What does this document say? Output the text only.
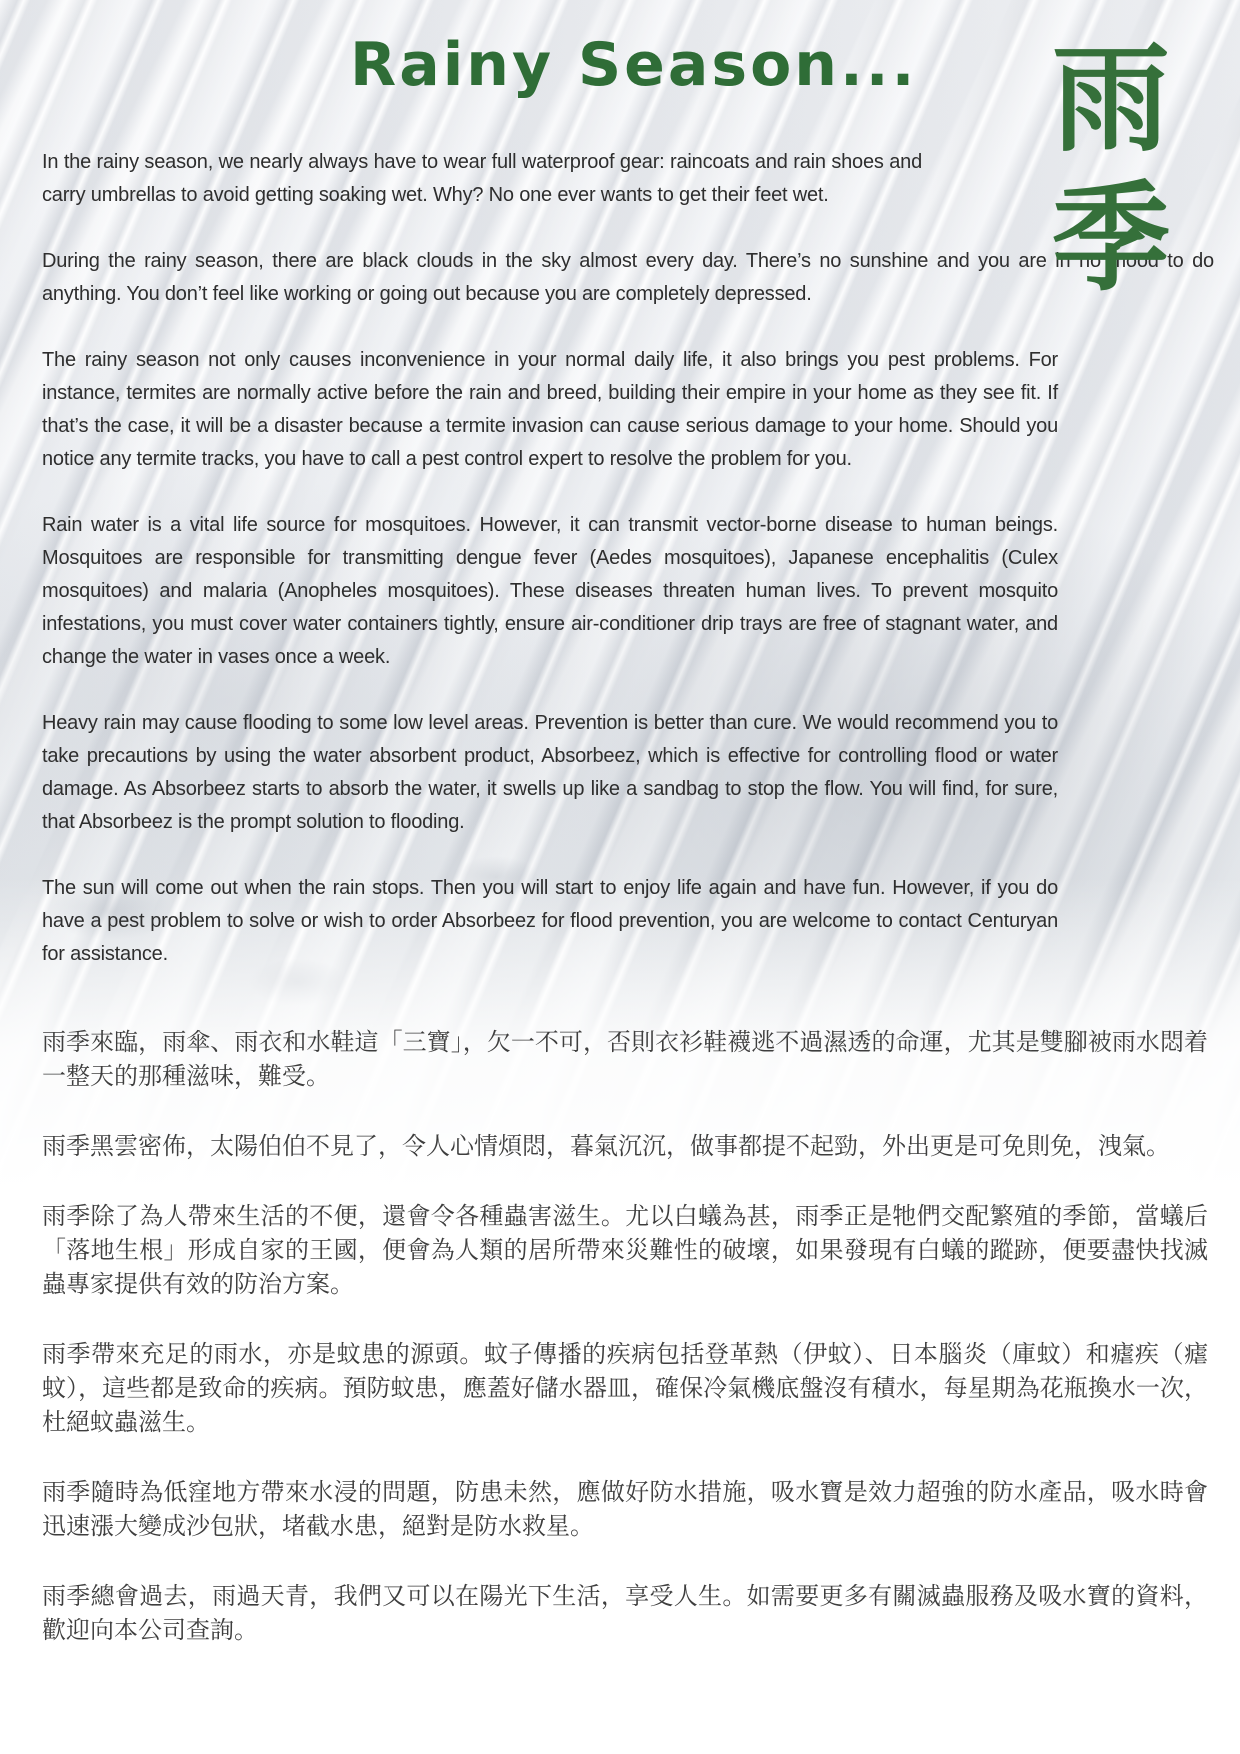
Rainy Season...	雨
季

In the rainy season, we nearly always have to wear full waterproof gear: raincoats and rain shoes and carry umbrellas to avoid getting soaking wet. Why? No one ever wants to get their feet wet.

During the rainy season, there are black clouds in the sky almost every day. There’s no sunshine and you are in no mood to do anything. You don’t feel like working or going out because you are completely depressed.

The rainy season not only causes inconvenience in your normal daily life, it also brings you pest problems. For instance, termites are normally active before the rain and breed, building their empire in your home as they see fit. If that’s the case, it will be a disaster because a termite invasion can cause serious damage to your home. Should you notice any termite tracks, you have to call a pest control expert to resolve the problem for you.

Rain water is a vital life source for mosquitoes. However, it can transmit vector-borne disease to human beings. Mosquitoes are responsible for transmitting dengue fever (Aedes mosquitoes), Japanese encephalitis (Culex mosquitoes) and malaria (Anopheles mosquitoes). These diseases threaten human lives. To prevent mosquito infestations, you must cover water containers tightly, ensure air-conditioner drip trays are free of stagnant water, and change the water in vases once a week.

Heavy rain may cause flooding to some low level areas. Prevention is better than cure. We would recommend you to take precautions by using the water absorbent product, Absorbeez, which is effective for controlling flood or water damage. As Absorbeez starts to absorb the water, it swells up like a sandbag to stop the flow. You will find, for sure, that Absorbeez is the prompt solution to flooding.

The sun will come out when the rain stops. Then you will start to enjoy life again and have fun. However, if you do have a pest problem to solve or wish to order Absorbeez for flood prevention, you are welcome to contact Centuryan for assistance.

雨季來臨，雨傘、雨衣和水鞋這「三寶」，欠一不可，否則衣衫鞋襪逃不過濕透的命運，尤其是雙腳被雨水悶着一整天的那種滋味，難受。

雨季黑雲密佈，太陽伯伯不見了，令人心情煩悶，暮氣沉沉，做事都提不起勁，外出更是可免則免，洩氣。

雨季除了為人帶來生活的不便，還會令各種蟲害滋生。尤以白蟻為甚，雨季正是牠們交配繁殖的季節，當蟻后「落地生根」形成自家的王國，便會為人類的居所帶來災難性的破壞，如果發現有白蟻的蹤跡，便要盡快找滅蟲專家提供有效的防治方案。

雨季帶來充足的雨水，亦是蚊患的源頭。蚊子傳播的疾病包括登革熱（伊蚊）、日本腦炎（庫蚊）和瘧疾（瘧蚊），這些都是致命的疾病。預防蚊患，應蓋好儲水器皿，確保冷氣機底盤沒有積水，每星期為花瓶換水一次，杜絕蚊蟲滋生。

雨季隨時為低窪地方帶來水浸的問題，防患未然，應做好防水措施，吸水寶是效力超強的防水產品，吸水時會迅速漲大變成沙包狀，堵截水患，絕對是防水救星。

雨季總會過去，雨過天青，我們又可以在陽光下生活，享受人生。如需要更多有關滅蟲服務及吸水寶的資料，歡迎向本公司查詢。
